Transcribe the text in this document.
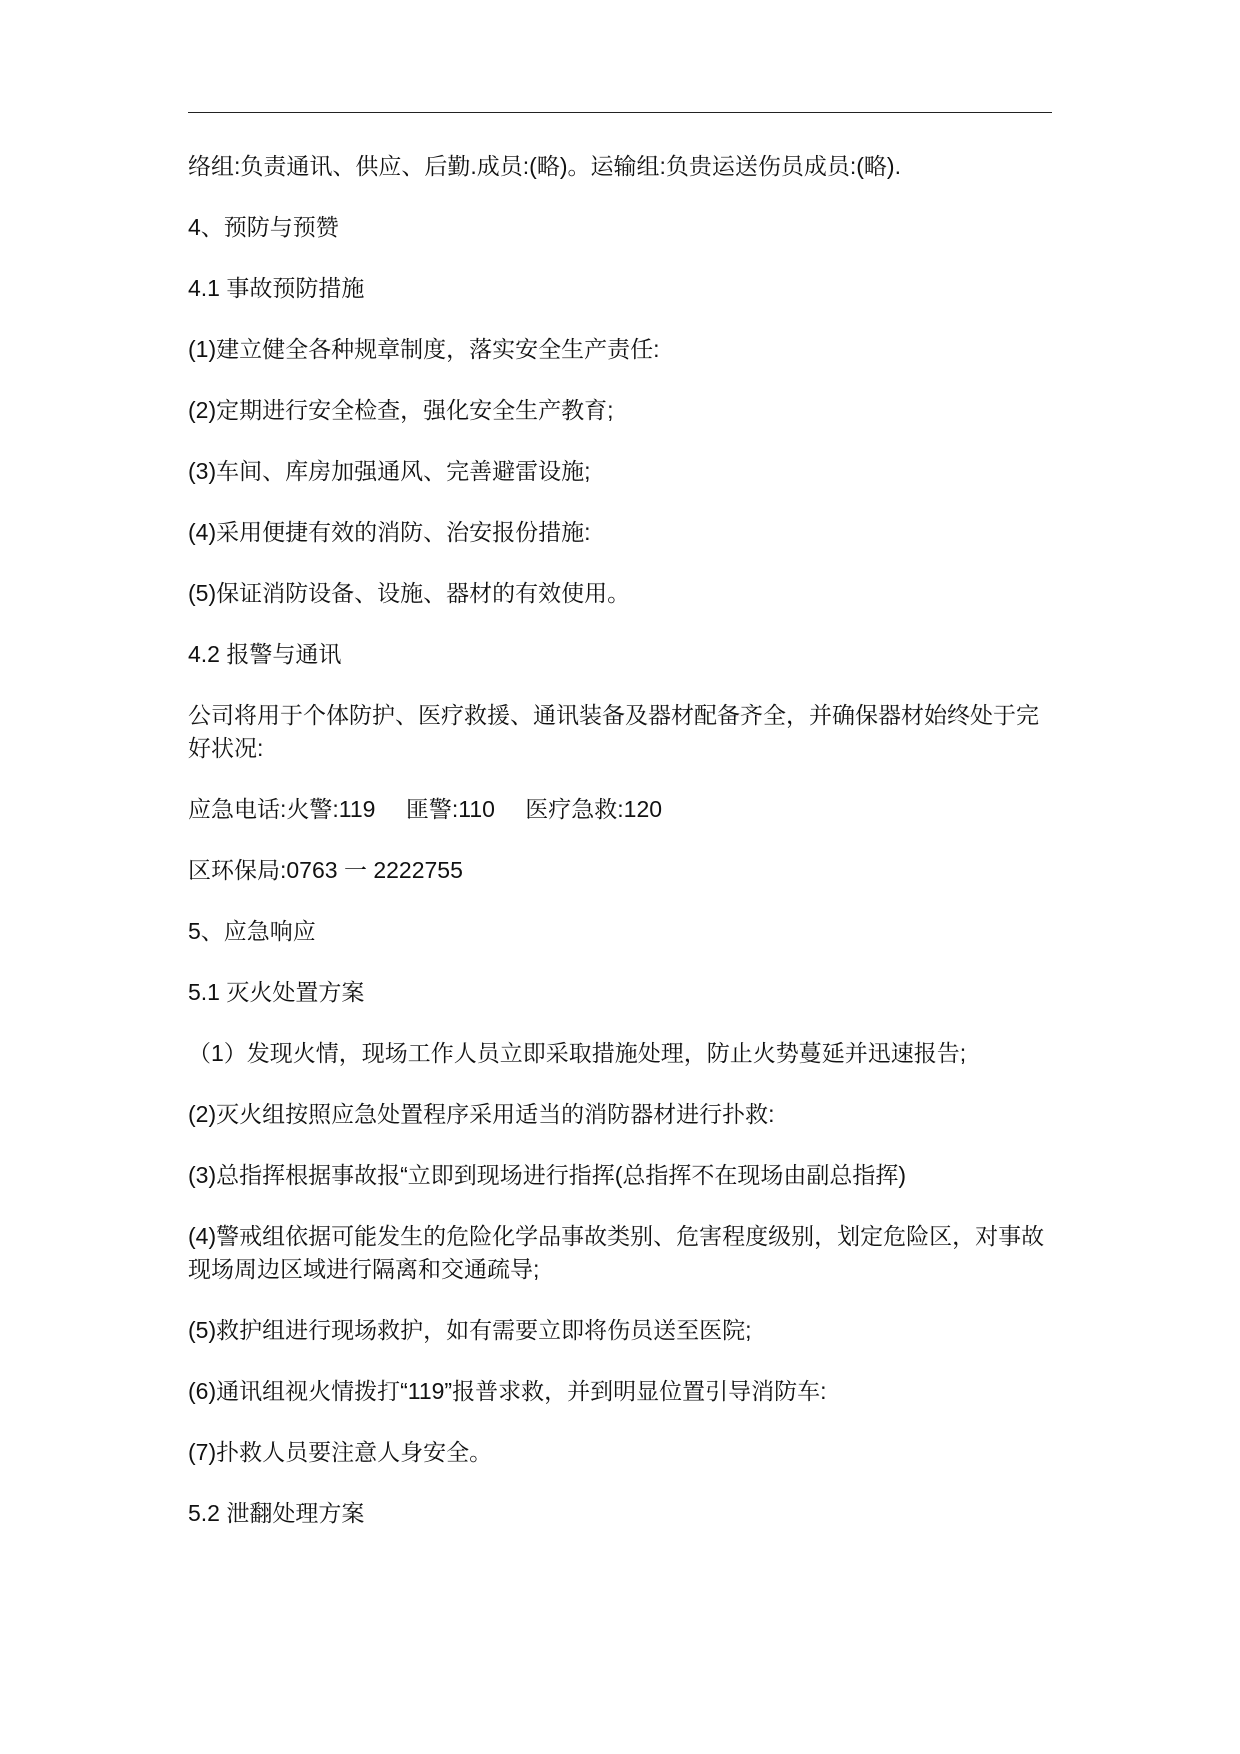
络组:负责通讯、供应、后勤.成员:(略)。运输组:负贵运送伤员成员:(略).

4、预防与预赞

4.1 事故预防措施

(1)建立健全各种规章制度，落实安全生产责任:

(2)定期进行安全检查，强化安全生产教育;

(3)车间、库房加强通风、完善避雷设施;

(4)采用便捷有效的消防、治安报份措施:

(5)保证消防设备、设施、器材的有效使用。

4.2 报警与通讯

公司将用于个体防护、医疗救援、通讯装备及器材配备齐全，并确保器材始终处于完好状况:

应急电话:火警:119 匪警:110 医疗急救:120

区环保局:0763 一 2222755

5、应急响应

5.1 灭火处置方案

（1）发现火情，现场工作人员立即采取措施处理，防止火势蔓延并迅速报告;

(2)灭火组按照应急处置程序采用适当的消防器材进行扑救:

(3)总指挥根据事故报“立即到现场进行指挥(总指挥不在现场由副总指挥)

(4)警戒组依据可能发生的危险化学品事故类别、危害程度级别，划定危险区，对事故现场周边区域进行隔离和交通疏导;

(5)救护组进行现场救护，如有需要立即将伤员送至医院;

(6)通讯组视火情拨打“119”报普求救，并到明显位置引导消防车:

(7)扑救人员要注意人身安全。

5.2 泄翻处理方案
